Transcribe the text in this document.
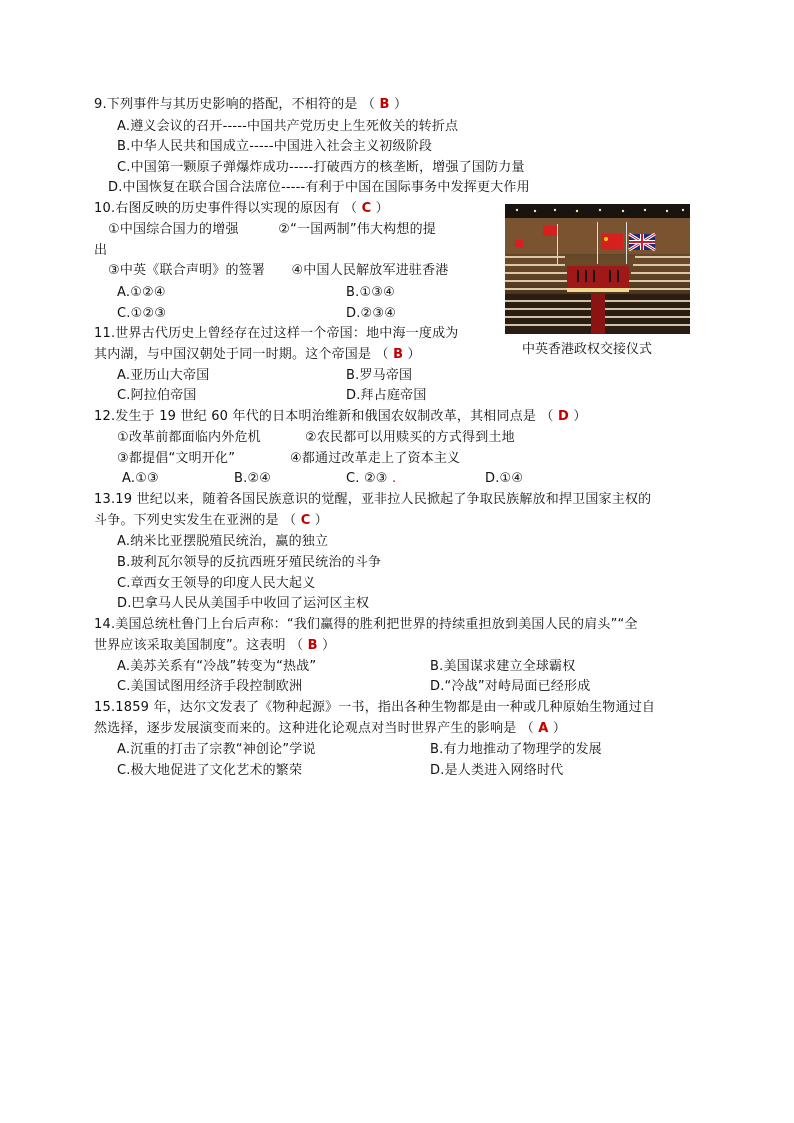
9.下列事件与其历史影响的搭配，不相符的是 （ B ）
A.遵义会议的召开-----中国共产党历史上生死攸关的转折点
B.中华人民共和国成立-----中国进入社会主义初级阶段
C.中国第一颗原子弹爆炸成功-----打破西方的核垄断，增强了国防力量
D.中国恢复在联合国合法席位-----有利于中国在国际事务中发挥更大作用
10.右图反映的历史事件得以实现的原因有 （ C ）
①中国综合国力的增强　　　②“一国两制”伟大构想的提
出
③中英《联合声明》的签署　　④中国人民解放军进驻香港
A.①②④	B.①③④
C.①②③	D.②③④
中英香港政权交接仪式
11.世界古代历史上曾经存在过这样一个帝国：地中海一度成为
其内湖，与中国汉朝处于同一时期。这个帝国是 （ B ）
A.亚历山大帝国	B.罗马帝国
C.阿拉伯帝国	D.拜占庭帝国
12.发生于 19 世纪 60 年代的日本明治维新和俄国农奴制改革，其相同点是 （ D ）
①改革前都面临内外危机	②农民都可以用赎买的方式得到土地
③都提倡“文明开化”	④都通过改革走上了资本主义
A.①③	B.②④	C. ②③ .	D.①④
13.19 世纪以来，随着各国民族意识的觉醒，亚非拉人民掀起了争取民族解放和捍卫国家主权的
斗争。下列史实发生在亚洲的是 （ C ）
A.纳米比亚摆脱殖民统治，赢的独立
B.玻利瓦尔领导的反抗西班牙殖民统治的斗争
C.章西女王领导的印度人民大起义
D.巴拿马人民从美国手中收回了运河区主权
14.美国总统杜鲁门上台后声称：“我们赢得的胜利把世界的持续重担放到美国人民的肩头”“全
世界应该采取美国制度”。这表明 （ B ）
A.美苏关系有“冷战”转变为“热战”	B.美国谋求建立全球霸权
C.美国试图用经济手段控制欧洲	D.“冷战”对峙局面已经形成
15.1859 年，达尔文发表了《物种起源》一书，指出各种生物都是由一种或几种原始生物通过自
然选择，逐步发展演变而来的。这种进化论观点对当时世界产生的影响是 （ A ）
A.沉重的打击了宗教“神创论”学说	B.有力地推动了物理学的发展
C.极大地促进了文化艺术的繁荣	D.是人类进入网络时代
